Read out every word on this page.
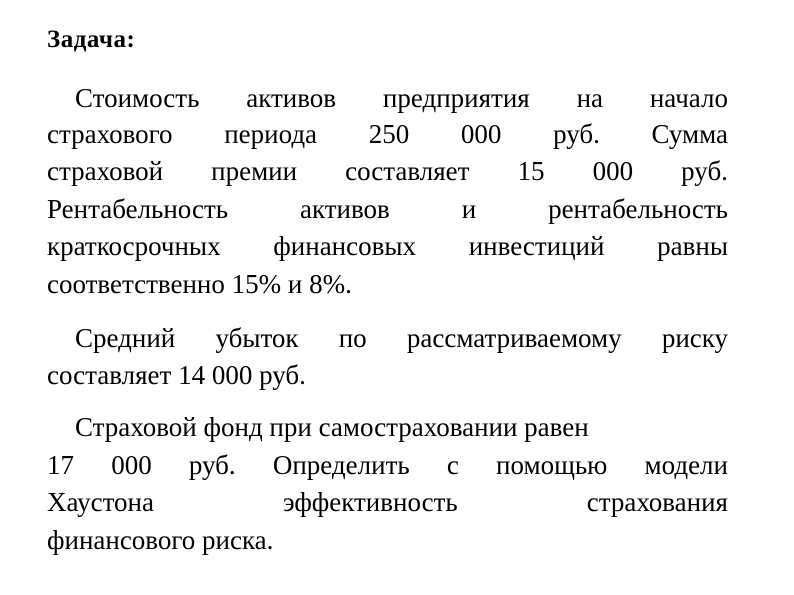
Задача:
Стоимость активов предприятия на начало
страхового периода 250 000 руб. Сумма
страховой премии составляет 15 000 руб.
Рентабельность	активов	и	рентабельность
краткосрочных финансовых инвестиций равны

соответственно 15% и 8%.

Средний убыток по рассматриваемому риску

составляет 14 000 руб.

Страховой фонд при самостраховании равен

17 000 руб. Определить с помощью модели
Хаустона	эффективность	страхования

финансового риска.
